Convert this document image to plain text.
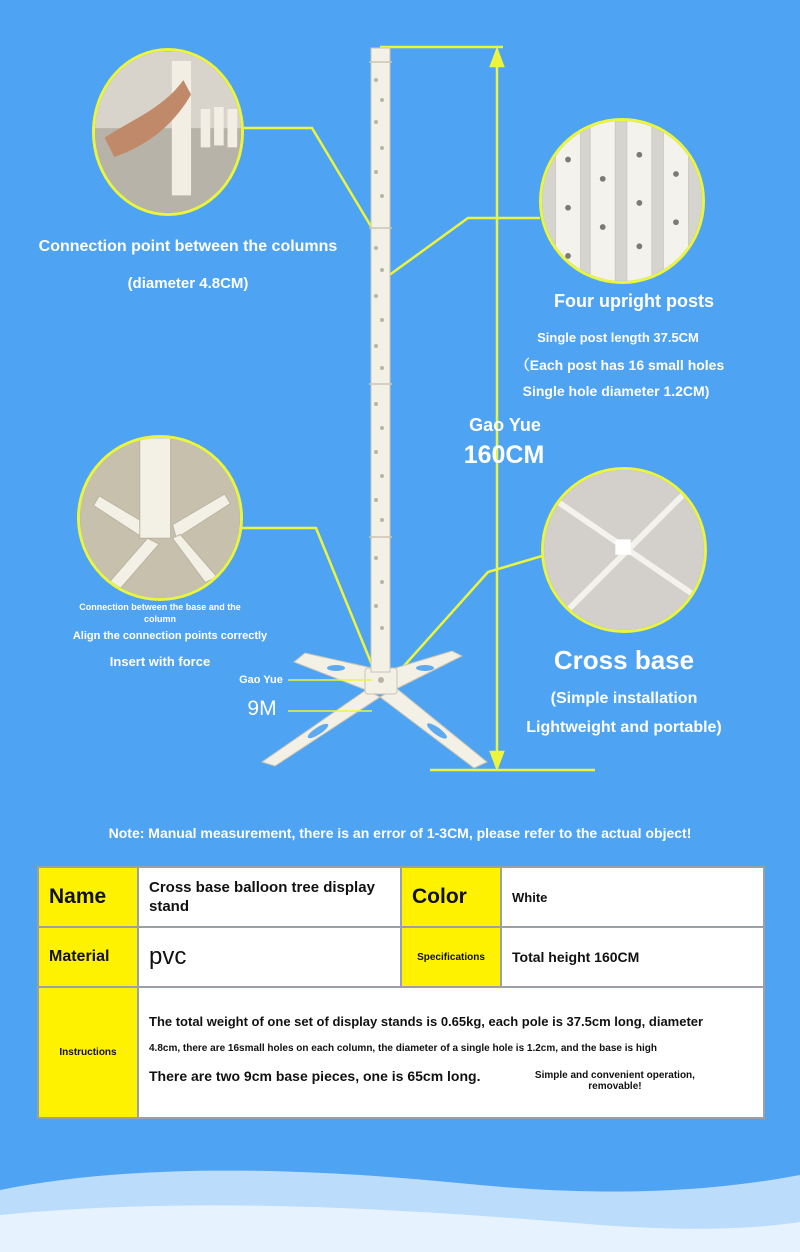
Connection point between the columns
(diameter 4.8CM)
Four upright posts
Single post length 37.5CM
（Each post has 16 small holes
Single hole diameter 1.2CM)
Gao Yue
160CM
Connection between the base and the
column
Align the connection points correctly
Insert with force
Gao Yue
9M
Cross base
(Simple installation
Lightweight and portable)
Note: Manual measurement, there is an error of 1-3CM, please refer to the actual object!
Name	Cross base balloon tree display stand	Color	White
Material	pvc	Specifications	Total height 160CM
Instructions	The total weight of one set of display stands is 0.65kg, each pole is 37.5cm long, diameter
4.8cm, there are 16small holes on each column, the diameter of a single hole is 1.2cm, and the base is high
There are two 9cm base pieces, one is 65cm long. Simple and convenient operation,
removable!		
